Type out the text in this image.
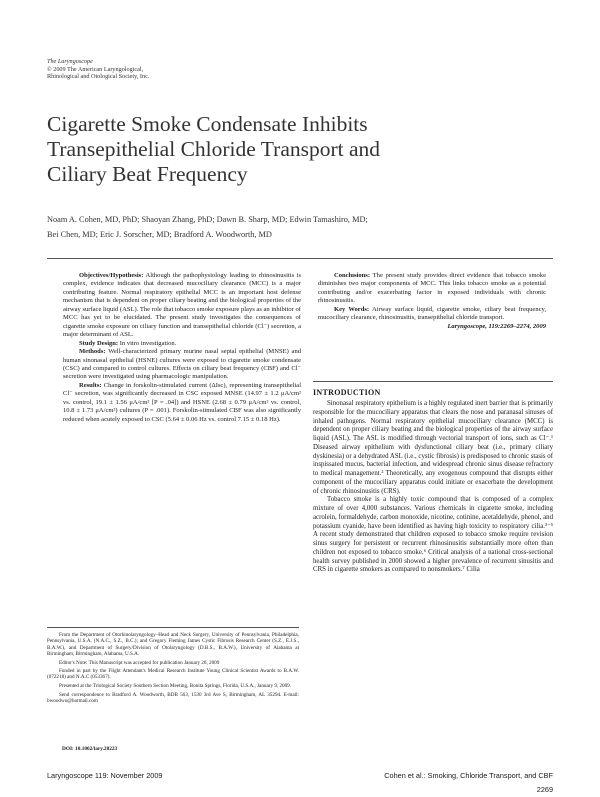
The Laryngoscope
© 2009 The American Laryngological,
Rhinological and Otological Society, Inc.
Cigarette Smoke Condensate Inhibits
Transepithelial Chloride Transport and
Ciliary Beat Frequency
Noam A. Cohen, MD, PhD; Shaoyan Zhang, PhD; Dawn B. Sharp, MD; Edwin Tamashiro, MD;
Bei Chen, MD; Eric J. Sorscher, MD; Bradford A. Woodworth, MD

Objectives/Hypothesis: Although the pathophysiology leading to rhinosinusitis is complex, evidence indicates that decreased mucociliary clearance (MCC) is a major contributing feature. Normal respiratory epithelial MCC is an important host defense mechanism that is dependent on proper ciliary beating and the biological properties of the airway surface liquid (ASL). The role that tobacco smoke exposure plays as an inhibitor of MCC has yet to be elucidated. The present study investigates the consequences of cigarette smoke exposure on ciliary function and transepithelial chloride (Cl⁻) secretion, a major determinant of ASL.

Study Design: In vitro investigation.

Methods: Well-characterized primary murine nasal septal epithelial (MNSE) and human sinonasal epithelial (HSNE) cultures were exposed to cigarette smoke condensate (CSC) and compared to control cultures. Effects on ciliary beat frequency (CBF) and Cl⁻ secretion were investigated using pharmacologic manipulation.

Results: Change in forskolin-stimulated current (ΔIsc), representing transepithelial Cl⁻ secretion, was significantly decreased in CSC exposed MNSE (14.97 ± 1.2 μA/cm² vs. control, 19.1 ± 1.56 μA/cm² [P = .04]) and HSNE (2.68 ± 0.79 μA/cm² vs. control, 10.8 ± 1.73 μA/cm²) cultures (P = .001). Forskolin-stimulated CBF was also significantly reduced when acutely exposed to CSC (5.64 ± 0.06 Hz vs. control 7.15 ± 0.18 Hz).

Conclusions: The present study provides direct evidence that tobacco smoke diminishes two major components of MCC. This links tobacco smoke as a potential contributing and/or exacerbating factor in exposed individuals with chronic rhinosinusitis.

Key Words: Airway surface liquid, cigarette smoke, ciliary beat frequency, mucociliary clearance, rhinosinusitis, transepithelial chloride transport.

Laryngoscope, 119:2269–2274, 2009

INTRODUCTION

Sinonasal respiratory epithelium is a highly regulated inert barrier that is primarily responsible for the mucociliary apparatus that clears the nose and paranasal sinuses of inhaled pathogens. Normal respiratory epithelial mucociliary clearance (MCC) is dependent on proper ciliary beating and the biological properties of the airway surface liquid (ASL). The ASL is modified through vectorial transport of ions, such as Cl⁻.¹ Diseased airway epithelium with dysfunctional ciliary beat (i.e., primary ciliary dyskinesia) or a dehydrated ASL (i.e., cystic fibrosis) is predisposed to chronic stasis of inspissated mucus, bacterial infection, and widespread chronic sinus disease refractory to medical management.² Theoretically, any exogenous compound that disrupts either component of the mucociliary apparatus could initiate or exacerbate the development of chronic rhinosinusitis (CRS).

Tobacco smoke is a highly toxic compound that is composed of a complex mixture of over 4,000 substances. Various chemicals in cigarette smoke, including acrolein, formaldehyde, carbon monoxide, nicotine, cotinine, acetaldehyde, phenol, and potassium cyanide, have been identified as having high toxicity to respiratory cilia.³⁻⁵ A recent study demonstrated that children exposed to tobacco smoke require revision sinus surgery for persistent or recurrent rhinosinusitis substantially more often than children not exposed to tobacco smoke.⁶ Critical analysis of a national cross-sectional health survey published in 2000 showed a higher prevalence of recurrent sinusitis and CRS in cigarette smokers as compared to nonsmokers.⁷ Cilia

From the Department of Otorhinolaryngology–Head and Neck Surgery, University of Pennsylvania, Philadelphia, Pennsylvania, U.S.A. (N.A.C., S.Z., B.C.); and Gregory Fleming James Cystic Fibrosis Research Center (S.Z., E.J.S., B.A.W.), and Department of Surgery/Division of Otolaryngology (D.B.S., B.A.W.), University of Alabama at Birmingham, Birmingham, Alabama, U.S.A.

Editor's Note: This Manuscript was accepted for publication January 26, 2009

Funded in part by the Flight Attendant's Medical Research Institute Young Clinical Scientist Awards to B.A.W. (072218) and N.A.C (053367).

Presented at the Triological Society Southern Section Meeting, Bonita Springs, Florida, U.S.A., January 9, 2009.

Send correspondence to Bradford A. Woodworth, BDB 563, 1530 3rd Ave S, Birmingham, AL 35294. E-mail: bwoodwo@hotmail.com

DOI: 10.1002/lary.20223
Laryngoscope 119: November 2009	Cohen et al.: Smoking, Chloride Transport, and CBF
2269
